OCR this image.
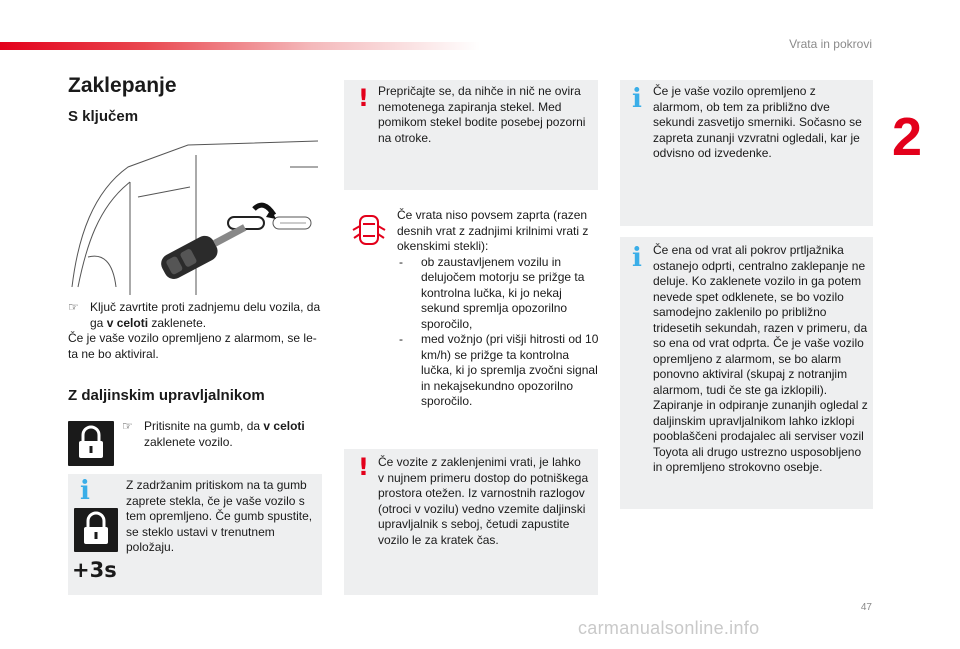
Vrata in pokrovi
2
47
carmanualsonline.info
Zaklepanje
S ključem
☞ Ključ zavrtite proti zadnjemu delu vozila, da ga v celoti zaklenete.
Če je vaše vozilo opremljeno z alarmom, se le-ta ne bo aktiviral.
Z daljinskim upravljalnikom
☞ Pritisnite na gumb, da v celoti zaklenete vozilo.
i
+3s
Z zadržanim pritiskom na ta gumb zaprete stekla, če je vaše vozilo s tem opremljeno. Če gumb spustite, se steklo ustavi v trenutnem položaju.
! Prepričajte se, da nihče in nič ne ovira nemotenega zapiranja stekel. Med pomikom stekel bodite posebej pozorni na otroke.
Če vrata niso povsem zaprta (razen desnih vrat z zadnjimi krilnimi vrati z okenskimi stekli):
-	ob zaustavljenem vozilu in delujočem motorju se prižge ta kontrolna lučka, ki jo nekaj sekund spremlja opozorilno sporočilo,
-	med vožnjo (pri višji hitrosti od 10 km/h) se prižge ta kontrolna lučka, ki jo spremlja zvočni signal in nekajsekundno opozorilno sporočilo.
! Če vozite z zaklenjenimi vrati, je lahko v nujnem primeru dostop do potniškega prostora otežen. Iz varnostnih razlogov (otroci v vozilu) vedno vzemite daljinski upravljalnik s seboj, četudi zapustite vozilo le za kratek čas.
i Če je vaše vozilo opremljeno z alarmom, ob tem za približno dve sekundi zasvetijo smerniki. Sočasno se zapreta zunanji vzvratni ogledali, kar je odvisno od izvedenke.
i Če ena od vrat ali pokrov prtljažnika ostanejo odprti, centralno zaklepanje ne deluje. Ko zaklenete vozilo in ga potem nevede spet odklenete, se bo vozilo samodejno zaklenilo po približno tridesetih sekundah, razen v primeru, da so ena od vrat odprta. Če je vaše vozilo opremljeno z alarmom, se bo alarm ponovno aktiviral (skupaj z notranjim alarmom, tudi če ste ga izklopili). Zapiranje in odpiranje zunanjih ogledal z daljinskim upravljalnikom lahko izklopi pooblaščeni prodajalec ali serviser vozil Toyota ali drugo ustrezno usposobljeno in opremljeno strokovno osebje.
